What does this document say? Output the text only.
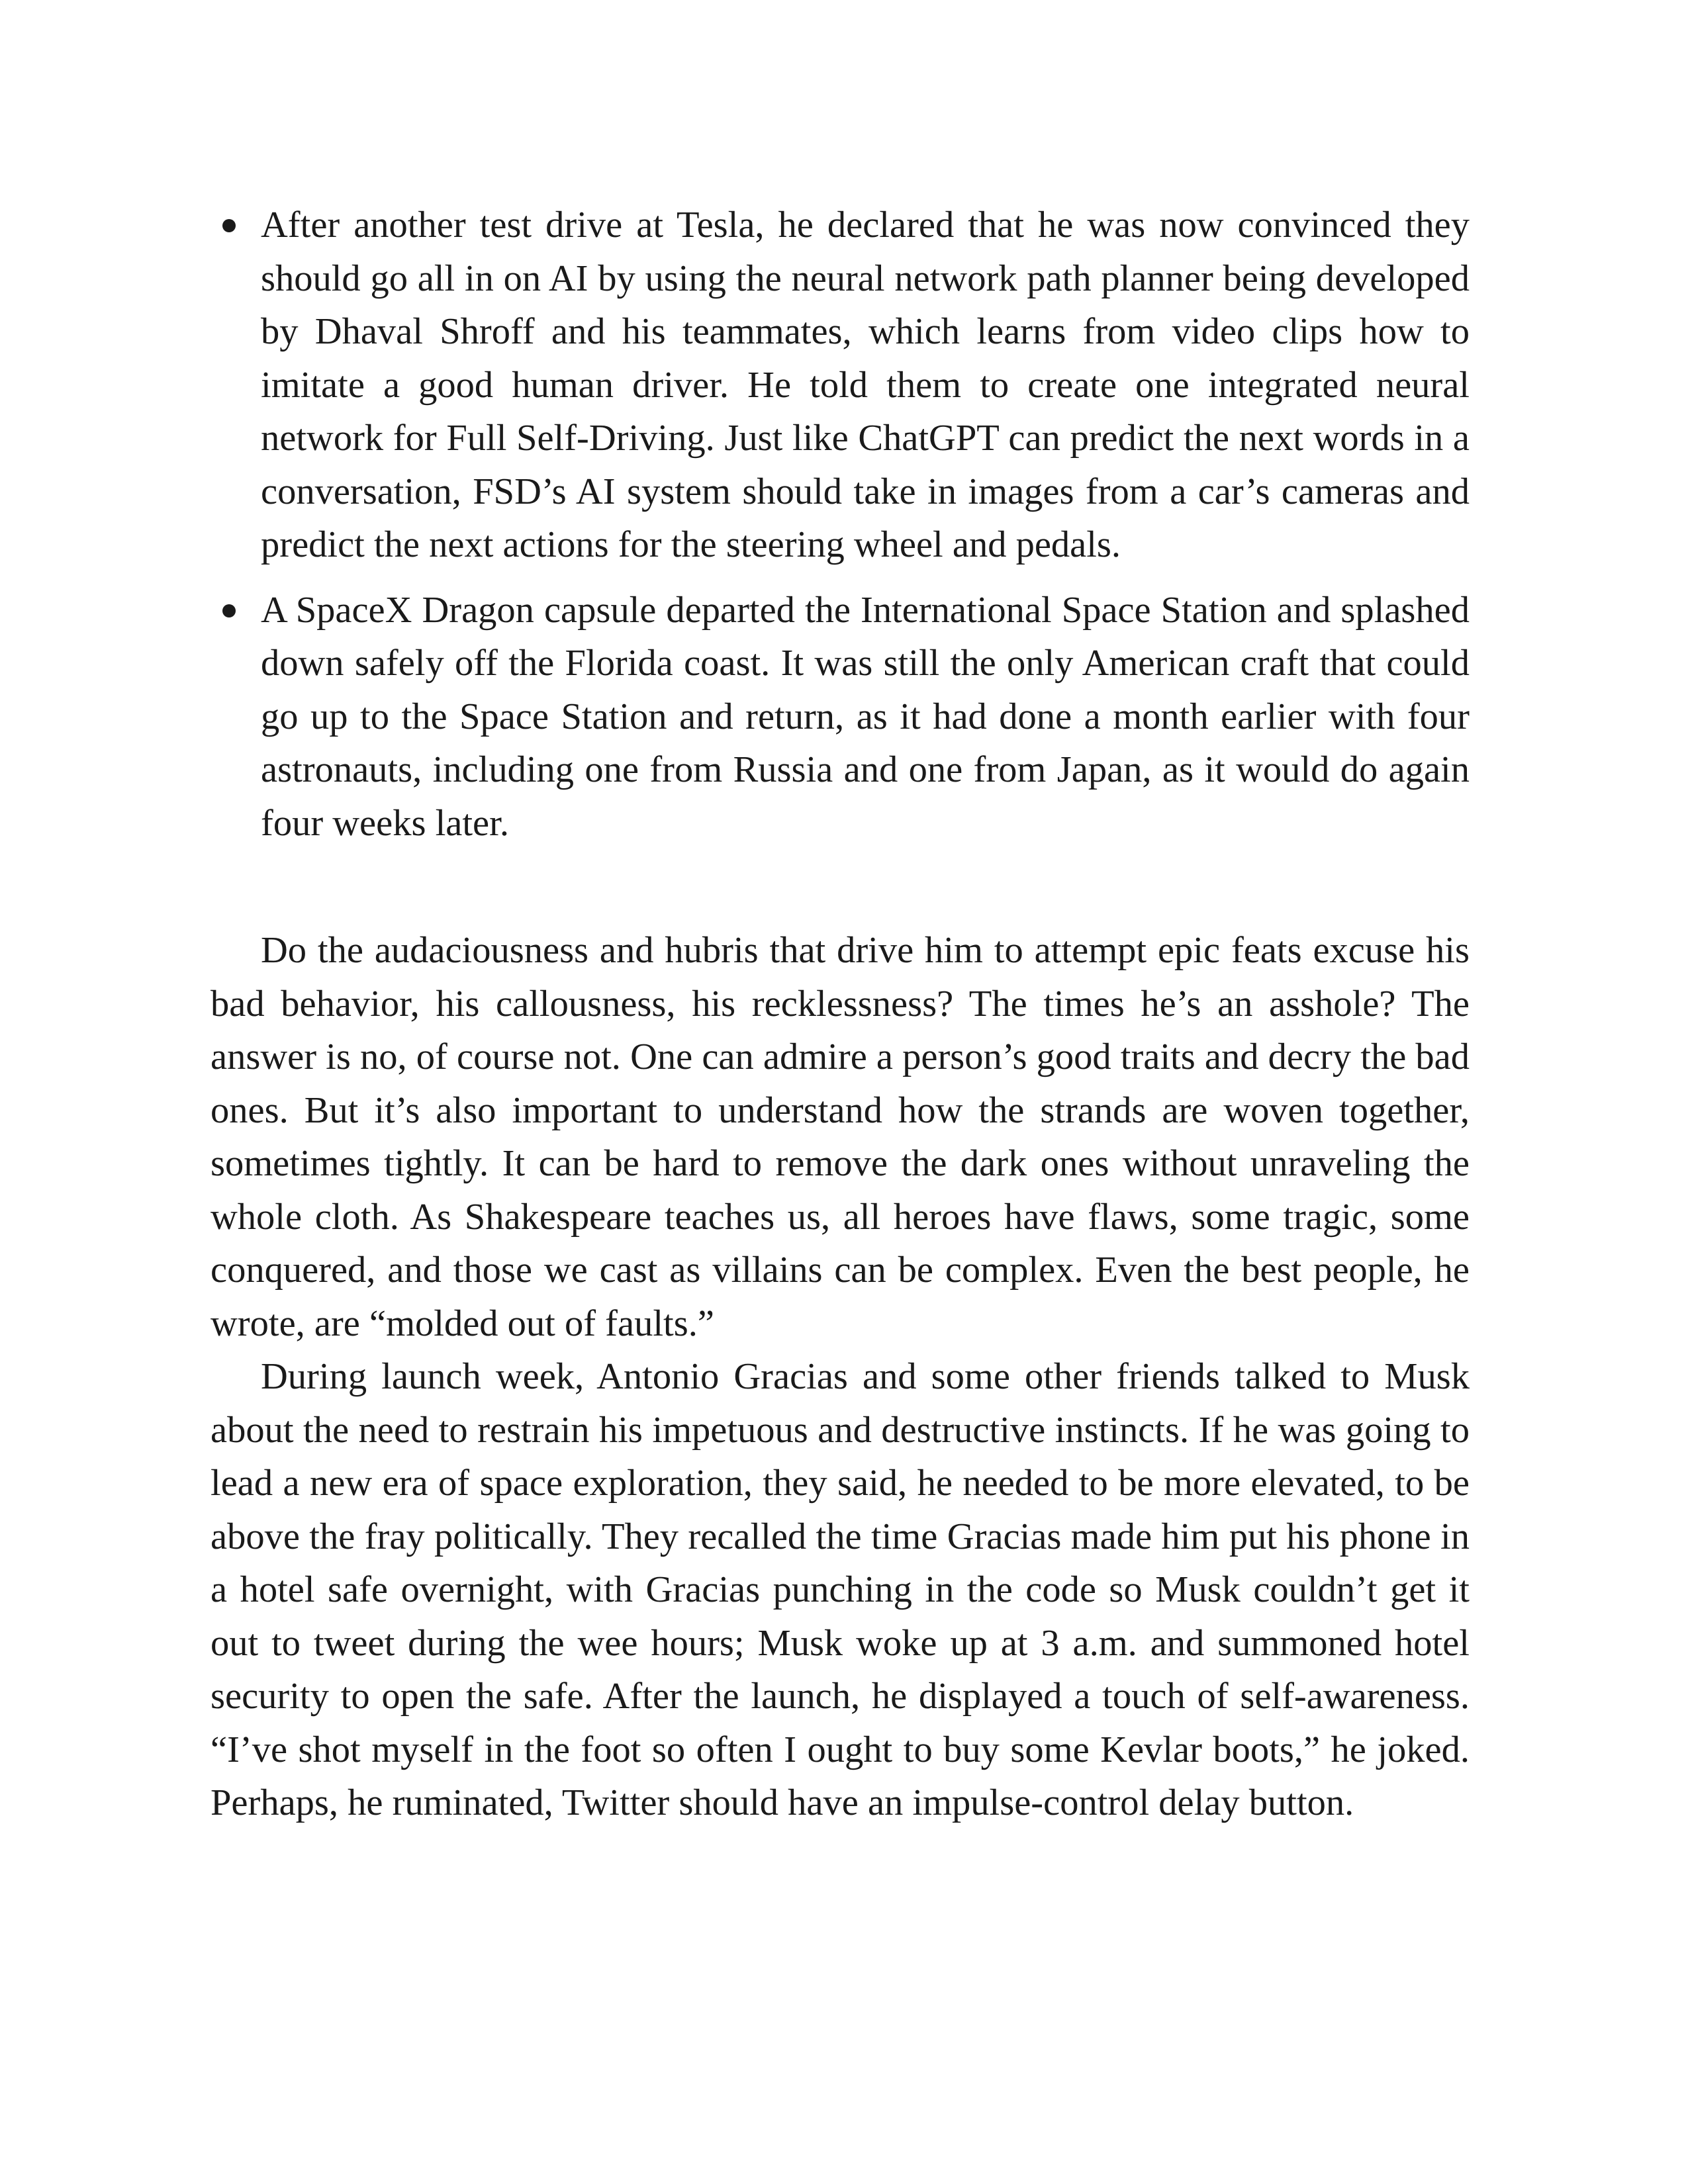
After another test drive at Tesla, he declared that he was now convinced they should go all in on AI by using the neural network path planner being developed by Dhaval Shroff and his teammates, which learns from video clips how to imitate a good human driver. He told them to create one integrated neural network for Full Self-Driving. Just like ChatGPT can predict the next words in a conversation, FSD’s AI system should take in images from a car’s cameras and predict the next actions for the steering wheel and pedals.
A SpaceX Dragon capsule departed the International Space Station and splashed down safely off the Florida coast. It was still the only American craft that could go up to the Space Station and return, as it had done a month earlier with four astronauts, including one from Russia and one from Japan, as it would do again four weeks later.

Do the audaciousness and hubris that drive him to attempt epic feats excuse his bad behavior, his callousness, his recklessness? The times he’s an asshole? The answer is no, of course not. One can admire a person’s good traits and decry the bad ones. But it’s also important to understand how the strands are woven together, sometimes tightly. It can be hard to remove the dark ones without unraveling the whole cloth. As Shakespeare teaches us, all heroes have flaws, some tragic, some conquered, and those we cast as villains can be complex. Even the best people, he wrote, are “molded out of faults.”

During launch week, Antonio Gracias and some other friends talked to Musk about the need to restrain his impetuous and destructive instincts. If he was going to lead a new era of space exploration, they said, he needed to be more elevated, to be above the fray politically. They recalled the time Gracias made him put his phone in a hotel safe overnight, with Gracias punching in the code so Musk couldn’t get it out to tweet during the wee hours; Musk woke up at 3 a.m. and summoned hotel security to open the safe. After the launch, he displayed a touch of self-awareness. “I’ve shot myself in the foot so often I ought to buy some Kevlar boots,” he joked. Perhaps, he ruminated, Twitter should have an impulse-control delay button.
